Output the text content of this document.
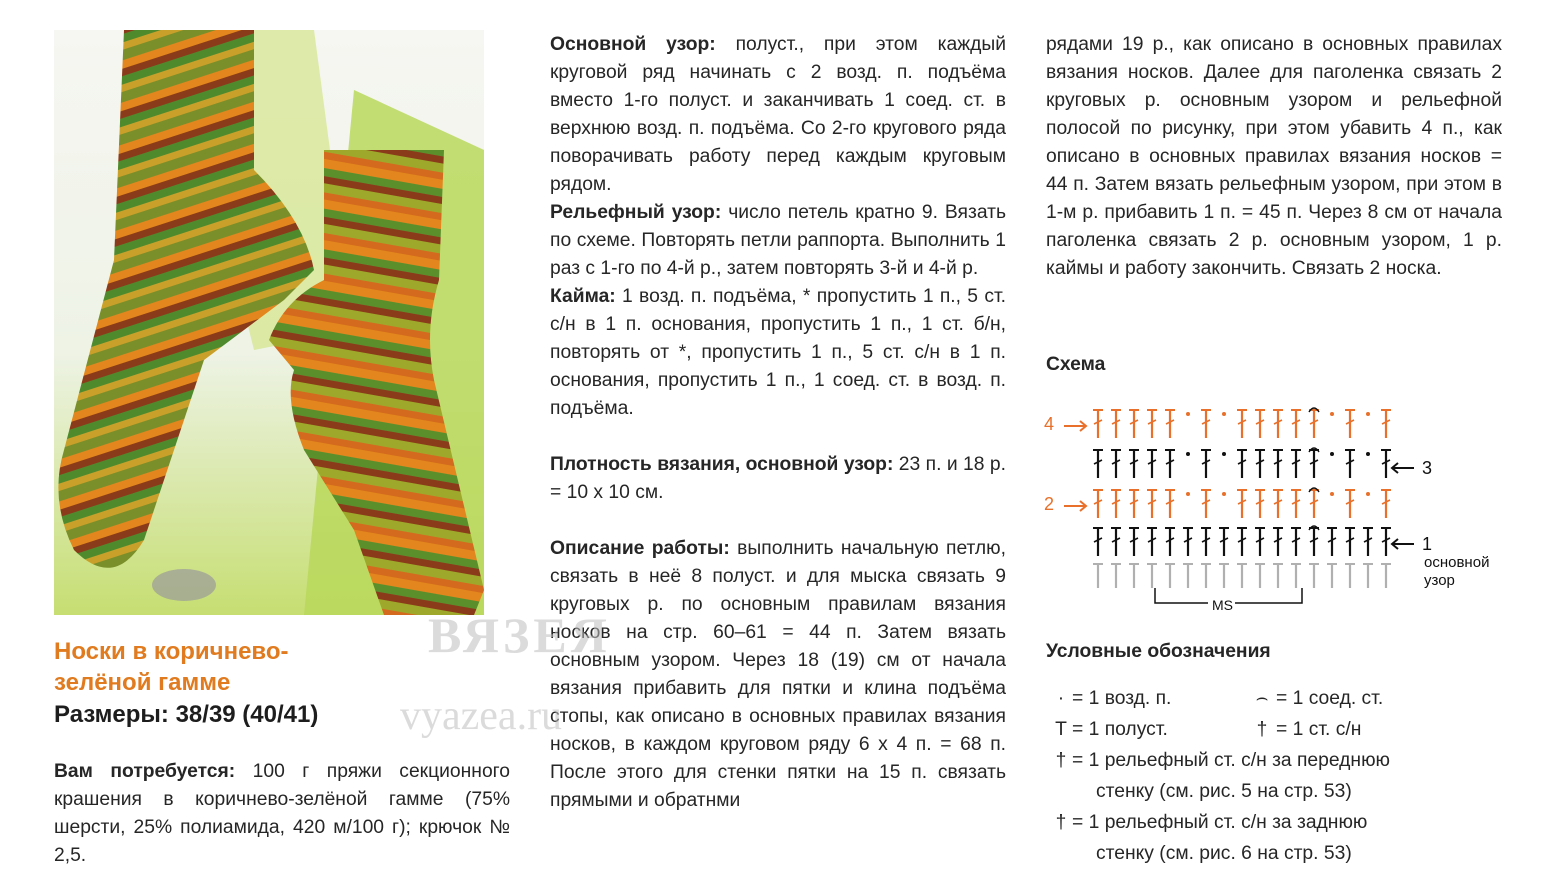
Носки в коричнево-
зелёной гамме
Размеры: 38/39 (40/41)

Вам потребуется: 100 г пряжи секционного крашения в коричнево-зелёной гамме (75% шерсти, 25% полиамида, 420 м/100 г); крючок № 2,5.

Основной узор: полуст., при этом каждый круговой ряд начинать с 2 возд. п. подъёма вместо 1-го полуст. и заканчивать 1 соед. ст. в верхнюю возд. п. подъёма. Со 2-го кругового ряда поворачивать работу перед каждым круговым рядом.

Рельефный узор: число петель кратно 9. Вязать по схеме. Повторять петли раппорта. Выполнить 1 раз с 1-го по 4-й р., затем повторять 3-й и 4-й р.

Кайма: 1 возд. п. подъёма, * пропустить 1 п., 5 ст. с/н в 1 п. основания, пропустить 1 п., 1 ст. б/н, повторять от *, пропустить 1 п., 5 ст. с/н в 1 п. основания, пропустить 1 п., 1 соед. ст. в возд. п. подъёма.

Плотность вязания, основной узор: 23 п. и 18 р. = 10 х 10 см.

Описание работы: выполнить начальную петлю, связать в неё 8 полуст. и для мыска связать 9 круговых р. по основным правилам вязания носков на стр. 60–61 = 44 п. Затем вязать основным узором. Через 18 (19) см от начала вязания прибавить для пятки и клина подъёма стопы, как описано в основных правилах вязания носков, в каждом круговом ряду 6 х 4 п. = 68 п. После этого для стенки пятки на 15 п. связать прямыми и обратнми

ВЯЗЕЯ
vyazea.ru
Схема
4
3
2
1
основной
узор
MS

рядами 19 р., как описано в основных правилах вязания носков. Далее для паголенка связать 2 круговых р. основным узором и рельефной полосой по рисунку, при этом убавить 4 п., как описано в основных правилах вязания носков = 44 п. Затем вязать рельефным узором, при этом в 1-м р. прибавить 1 п. = 45 п. Через 8 см от начала паголенка связать 2 р. основным узором, 1 р. каймы и работу закончить. Связать 2 носка.

Условные обозначения
· = 1 возд. п.	⌢ = 1 соед. ст.
T = 1 полуст.	† = 1 ст. с/н
† = 1 рельефный ст. с/н за переднюю
стенку (см. рис. 5 на стр. 53)
† = 1 рельефный ст. с/н за заднюю
стенку (см. рис. 6 на стр. 53)
